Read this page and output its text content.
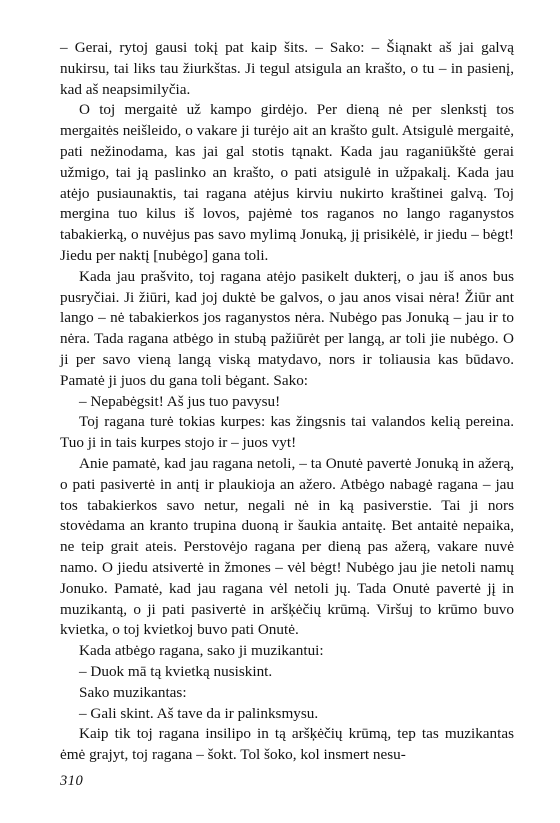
– Gerai, rytoj gausi tokį pat kaip šits. – Sako: – Šiąnakt aš jai galvą nukirsu, tai liks tau žiurkštas. Ji tegul atsigula an krašto, o tu – in pasienį, kad aš neapsimilyčia.

O toj mergaitė už kampo girdėjo. Per dieną nė per slenkstį tos mergaitės neišleido, o vakare ji turėjo ait an krašto gult. Atsigulė mergaitė, pati nežinodama, kas jai gal stotis tąnakt. Kada jau raganiūkštė gerai užmigo, tai ją paslinko an krašto, o pati atsigulė in užpakalį. Kada jau atėjo pusiaunaktis, tai ragana atėjus kirviu nukirto kraštinei galvą. Toj mergina tuo kilus iš lovos, pajėmė tos raganos no lango raganystos tabakierką, o nuvėjus pas savo mylimą Jonuką, jį prisikėlė, ir jiedu – bėgt! Jiedu per naktį [nubėgo] gana toli.

Kada jau prašvito, toj ragana atėjo pasikelt dukterį, o jau iš anos bus pusryčiai. Ji žiūri, kad joj duktė be galvos, o jau anos visai nėra! Žiūr ant lango – nė tabakierkos jos raganystos nėra. Nubėgo pas Jonuką – jau ir to nėra. Tada ragana atbėgo in stubą pažiūrėt per langą, ar toli jie nubėgo. O ji per savo vieną langą viską matydavo, nors ir toliausia kas būdavo. Pamatė ji juos du gana toli bėgant. Sako:

– Nepabėgsit! Aš jus tuo pavysu!

Toj ragana turė tokias kurpes: kas žingsnis tai valandos kelią pereina. Tuo ji in tais kurpes stojo ir – juos vyt!

Anie pamatė, kad jau ragana netoli, – ta Onutė pavertė Jonuką in ažerą, o pati pasivertė in antį ir plaukioja an ažero. Atbėgo nabagė ragana – jau tos tabakierkos savo netur, negali nė in ką pasiverstie. Tai ji nors stovėdama an kranto trupina duoną ir šaukia antaitę. Bet antaitė nepaika, ne teip grait ateis. Perstovėjo ragana per dieną pas ažerą, vakare nuvė namo. O jiedu atsivertė in žmones – vėl bėgt! Nubėgo jau jie netoli namų Jonuko. Pamatė, kad jau ragana vėl netoli jų. Tada Onutė pavertė jį in muzikantą, o ji pati pasivertė in aršķėčių krūmą. Viršuj to krūmo buvo kvietka, o toj kvietkoj buvo pati Onutė.

Kada atbėgo ragana, sako ji muzikantui:

– Duok mā tą kvietką nusiskint.

Sako muzikantas:

– Gali skint. Aš tave da ir palinksmysu.

Kaip tik toj ragana insilipo in tą aršķėčių krūmą, tep tas muzikantas ėmė grajyt, toj ragana – šokt. Tol šoko, kol insmert nesu-

310
